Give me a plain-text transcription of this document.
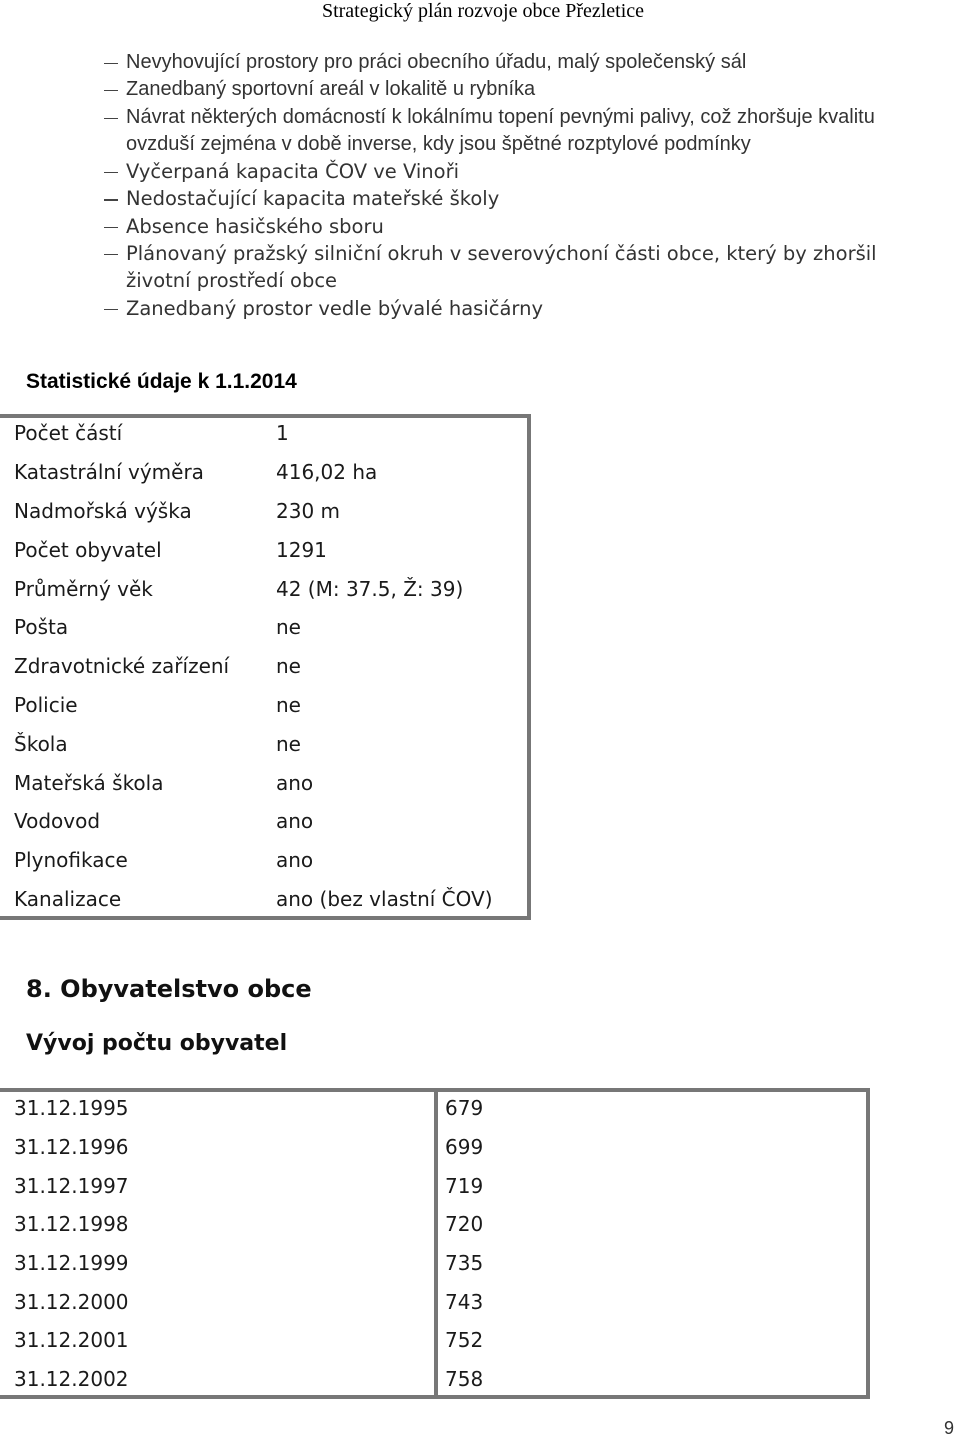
Strategický plán rozvoje obce Přezletice
Nevyhovující prostory pro práci obecního úřadu, malý společenský sál
Zanedbaný sportovní areál v lokalitě u rybníka
Návrat některých domácností k lokálnímu topení pevnými palivy, což zhoršuje kvalitu ovzduší zejména v době inverse, kdy jsou špětné rozptylové podmínky
Vyčerpaná kapacita ČOV ve Vinoři
Nedostačující kapacita mateřské školy
Absence hasičského sboru
Plánovaný pražský silniční okruh v severovýchoní části obce, který by zhoršil životní prostředí obce
Zanedbaný prostor vedle bývalé hasičárny
Statistické údaje k 1.1.2014
Počet částí	1
Katastrální výměra	416,02 ha
Nadmořská výška	230 m
Počet obyvatel	1291
Průměrný věk	42 (M: 37.5, Ž: 39)
Pošta	ne
Zdravotnické zařízení	ne
Policie	ne
Škola	ne
Mateřská škola	ano
Vodovod	ano
Plynofikace	ano
Kanalizace	ano (bez vlastní ČOV)
8. Obyvatelstvo obce
Vývoj počtu obyvatel
31.12.1995	679
31.12.1996	699
31.12.1997	719
31.12.1998	720
31.12.1999	735
31.12.2000	743
31.12.2001	752
31.12.2002	758
9
